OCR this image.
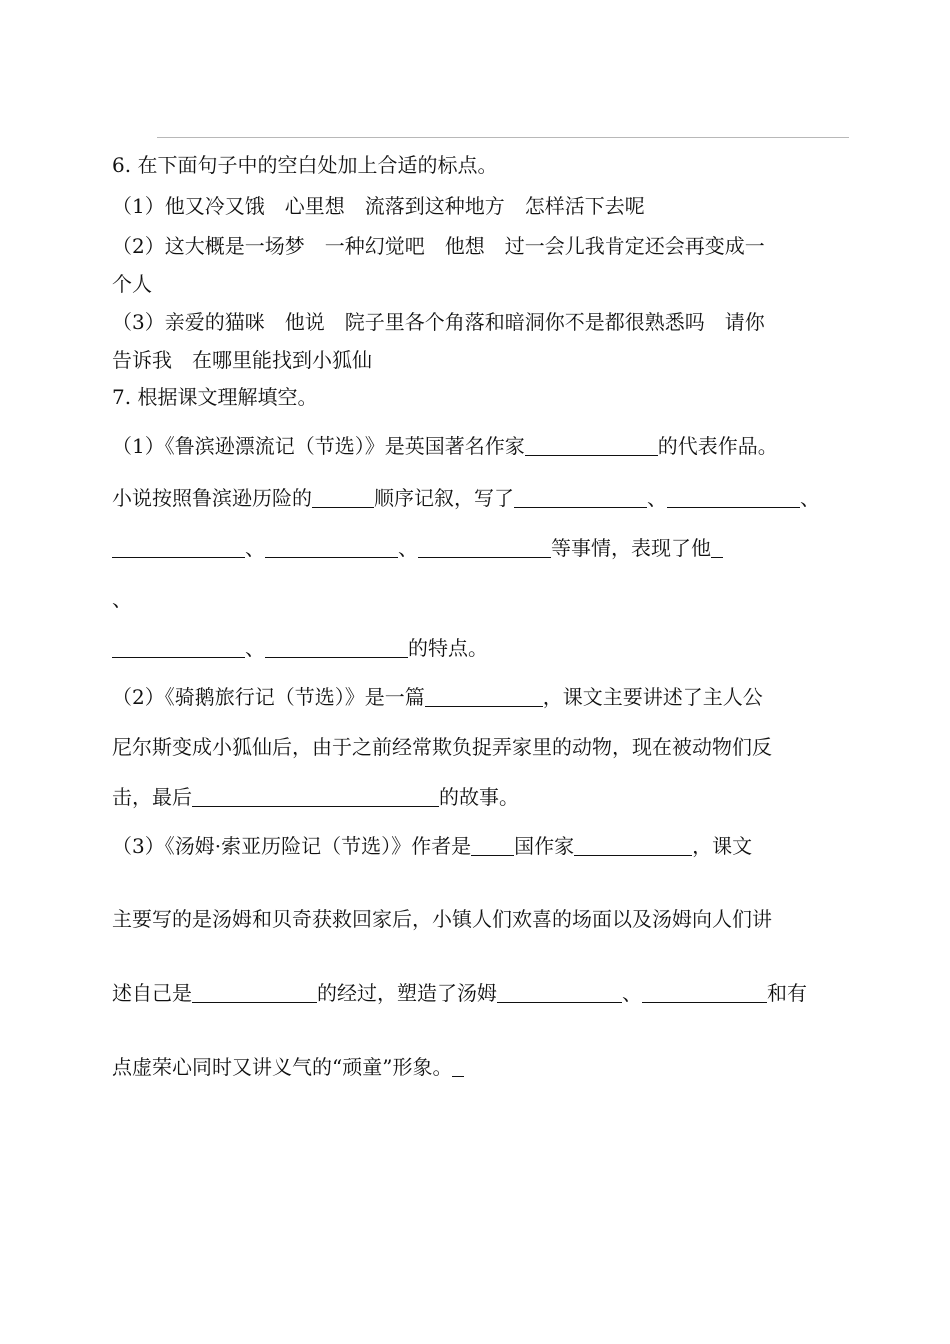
6. 在下面句子中的空白处加上合适的标点。
（1）他又冷又饿　心里想　流落到这种地方　怎样活下去呢
（2）这大概是一场梦　一种幻觉吧　他想　过一会儿我肯定还会再变成一
个人
（3）亲爱的猫咪　他说　院子里各个角落和暗洞你不是都很熟悉吗　请你
告诉我　在哪里能找到小狐仙
7. 根据课文理解填空。
（1）《鲁滨逊漂流记（节选）》是英国著名作家	的代表作品。
小说按照鲁滨逊历险的	顺序记叙，写了	、	、
、	、	等事情，表现了他
、
、	的特点。
（2）《骑鹅旅行记（节选）》是一篇	，课文主要讲述了主人公
尼尔斯变成小狐仙后，由于之前经常欺负捉弄家里的动物，现在被动物们反
击，最后	的故事。
（3）《汤姆·索亚历险记（节选）》作者是 国作家	，课文
主要写的是汤姆和贝奇获救回家后，小镇人们欢喜的场面以及汤姆向人们讲
述自己是	的经过，塑造了汤姆	、	和有
点虚荣心同时又讲义气的“顽童”形象。
